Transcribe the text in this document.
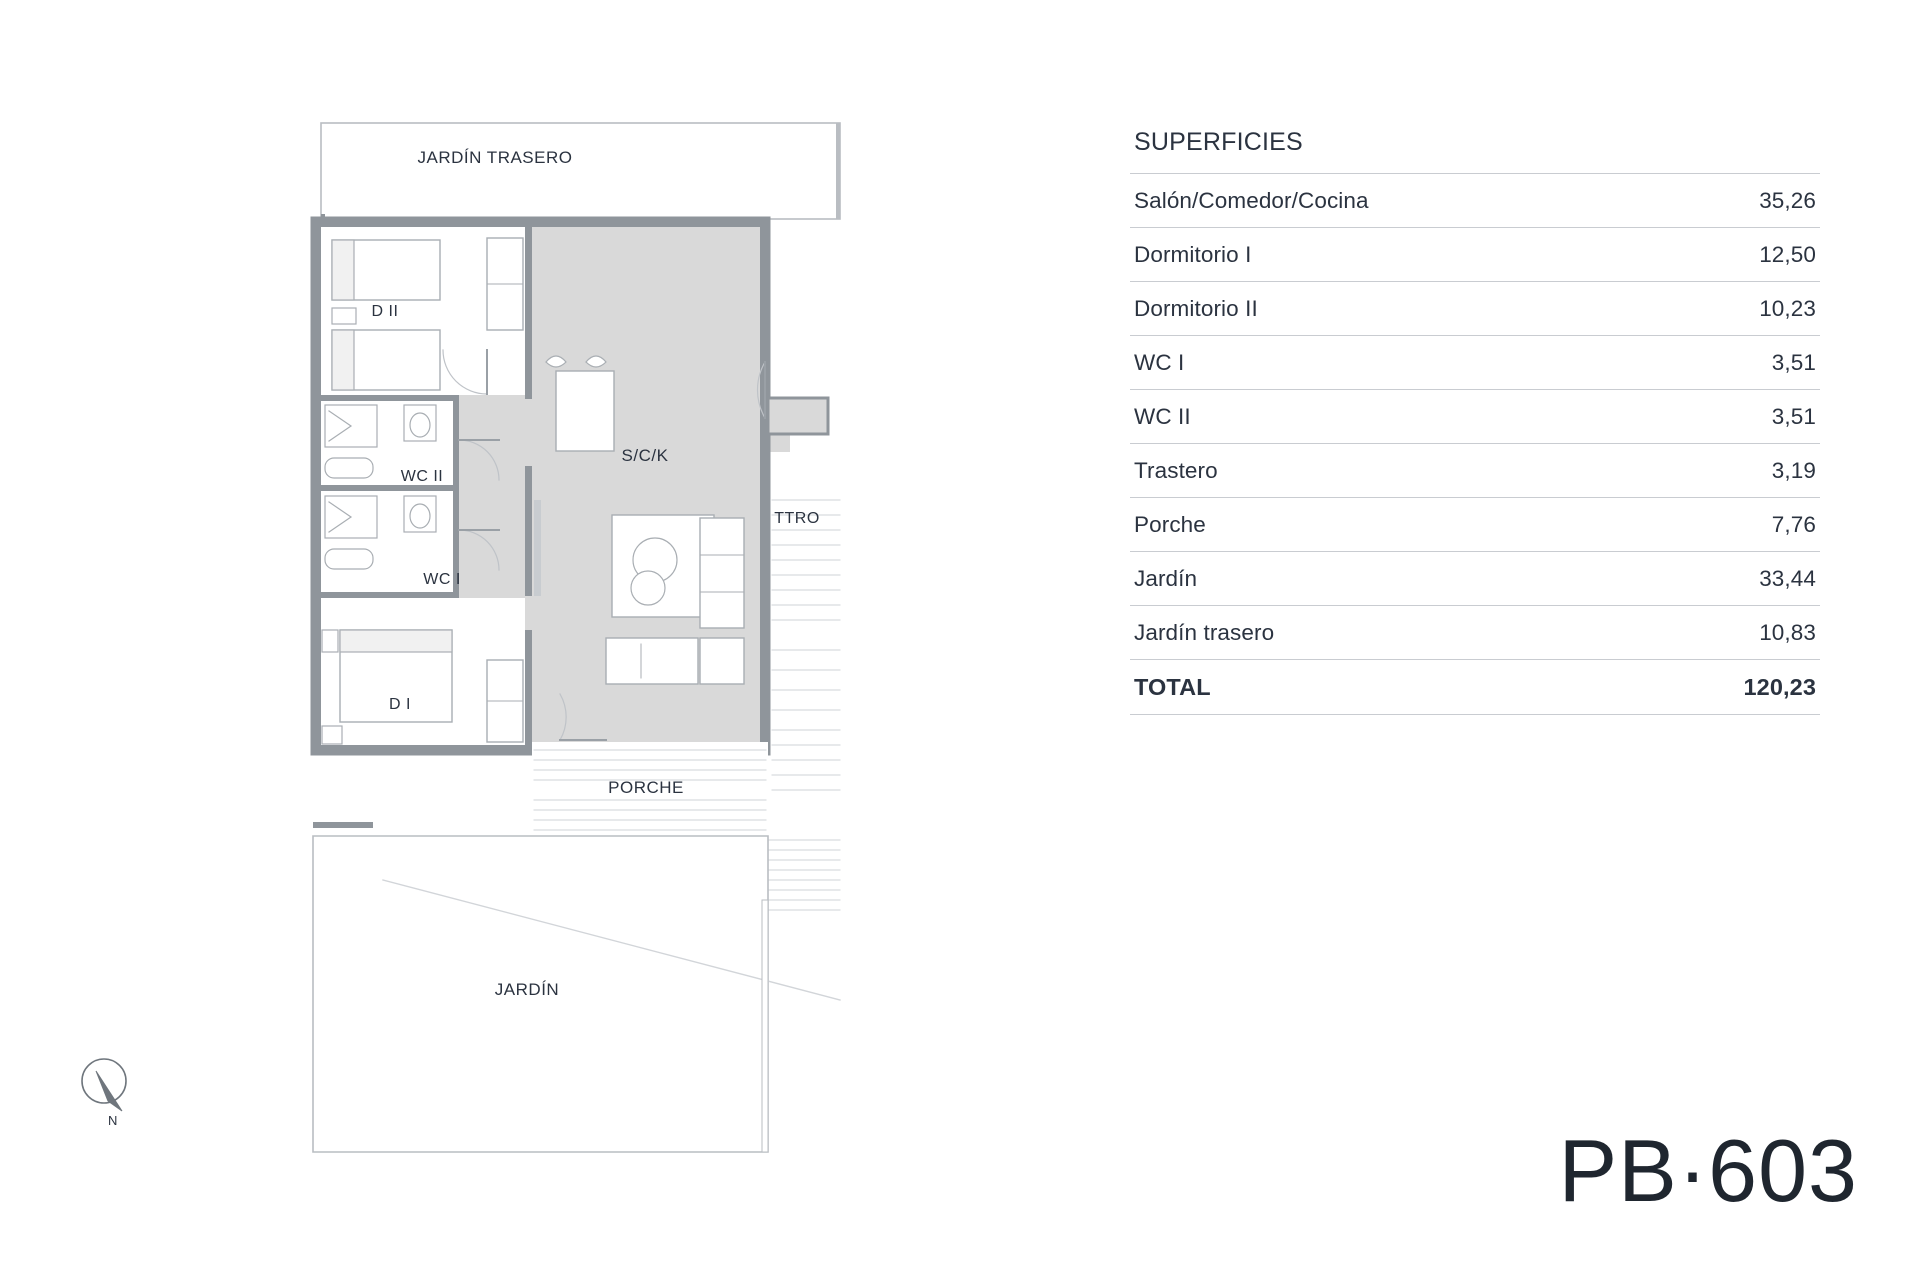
JARDÍN TRASERO
D II
WC II
S/C/K
TTRO
WC I
D I
PORCHE
JARDÍN
N
SUPERFICIES
Salón/Comedor/Cocina	35,26
Dormitorio I	12,50
Dormitorio II	10,23
WC I	3,51
WC II	3,51
Trastero	3,19
Porche	7,76
Jardín	33,44
Jardín trasero	10,83
TOTAL	120,23
PB·603
